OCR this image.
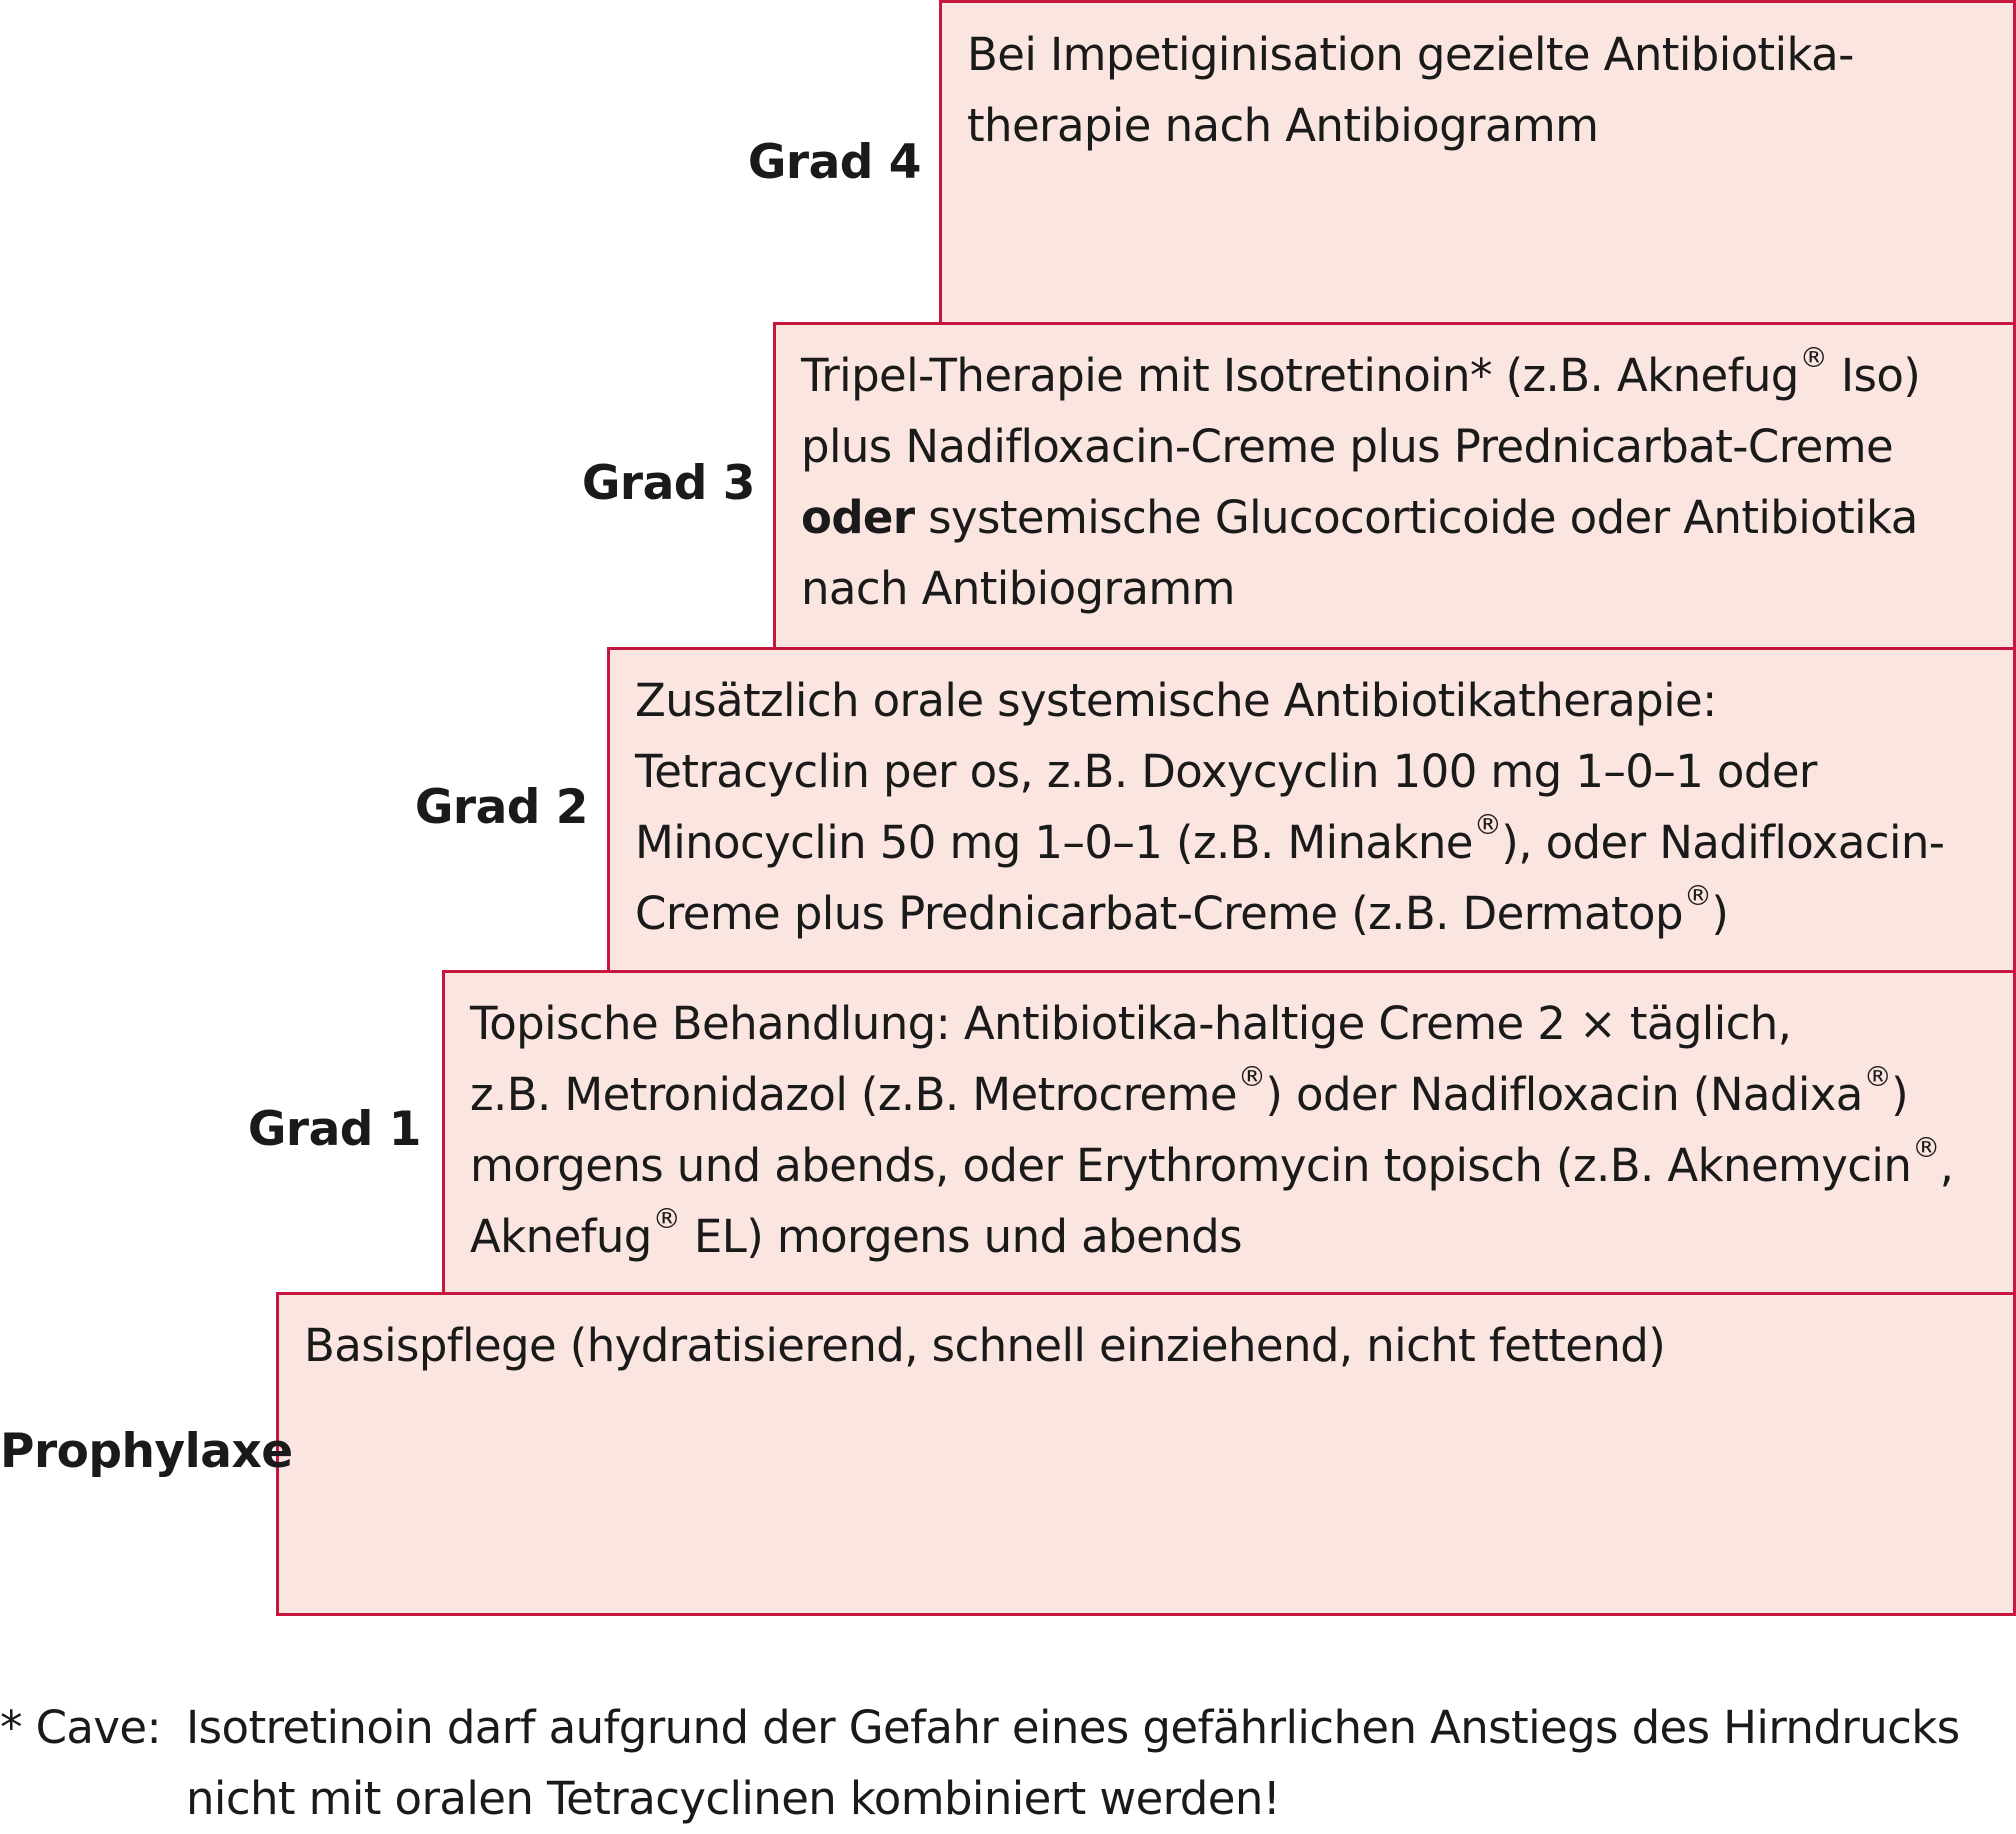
Bei Impetiginisation gezielte Antibiotika-
therapie nach Antibiogramm
Grad 4
Tripel-Therapie mit Isotretinoin* (z.B. Aknefug® Iso)
plus Nadifloxacin-Creme plus Prednicarbat-Creme
oder systemische Glucocorticoide oder Antibiotika
nach Antibiogramm
Grad 3
Zusätzlich orale systemische Antibiotikatherapie:
Tetracyclin per os, z.B. Doxycyclin 100 mg 1–0–1 oder
Minocyclin 50 mg 1–0–1 (z.B. Minakne®), oder Nadifloxacin-
Creme plus Prednicarbat-Creme (z.B. Dermatop®)
Grad 2
Topische Behandlung: Antibiotika-haltige Creme 2 × täglich,
z.B. Metronidazol (z.B. Metrocreme®) oder Nadifloxacin (Nadixa®)
morgens und abends, oder Erythromycin topisch (z.B. Aknemycin®,
Aknefug® EL) morgens und abends
Grad 1
Basispflege (hydratisierend, schnell einziehend, nicht fettend)
Prophylaxe
* Cave: Isotretinoin darf aufgrund der Gefahr eines gefährlichen Anstiegs des Hirndrucks
nicht mit oralen Tetracyclinen kombiniert werden!
